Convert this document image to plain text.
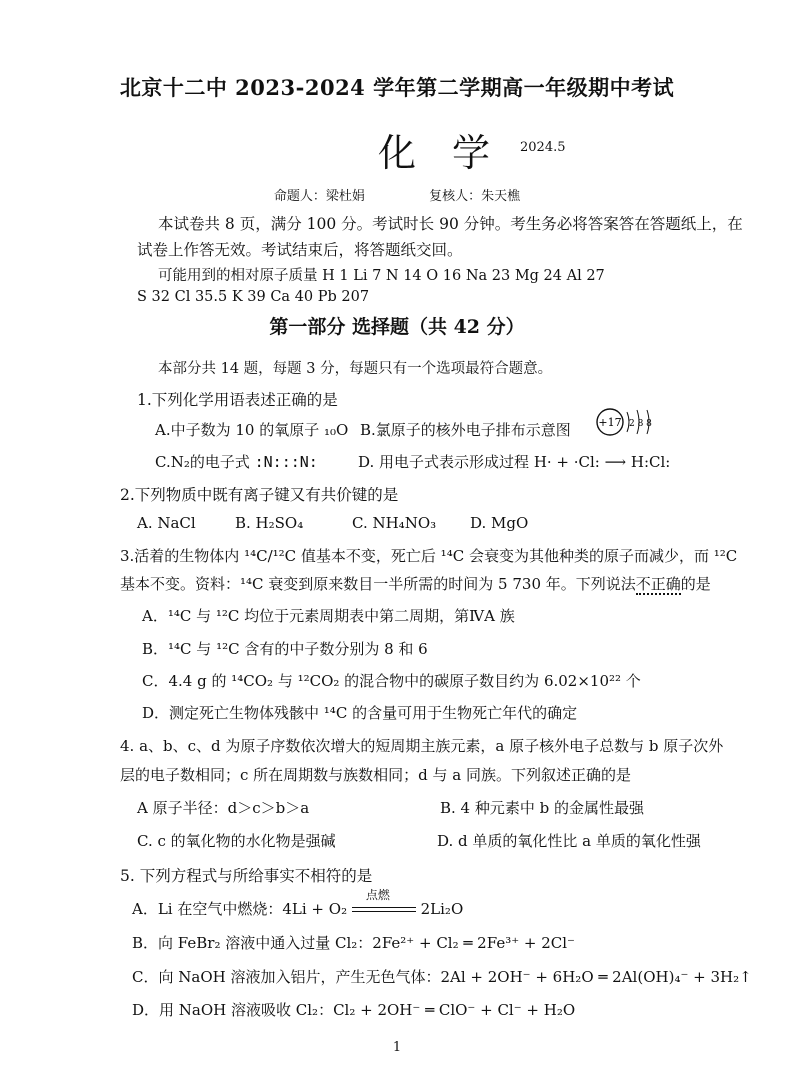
北京十二中 2023-2024 学年第二学期高一年级期中考试
化学
2024.5
命题人：梁杜娟	复核人：朱天樵
本试卷共 8 页，满分 100 分。考试时长 90 分钟。考生务必将答案答在答题纸上，在
试卷上作答无效。考试结束后，将答题纸交回。
可能用到的相对原子质量 H 1 Li 7 N 14 O 16 Na 23 Mg 24 Al 27
S 32 Cl 35.5 K 39 Ca 40 Pb 207
第一部分 选择题（共 42 分）
本部分共 14 题，每题 3 分，每题只有一个选项最符合题意。
1.下列化学用语表述正确的是
A.中子数为 10 的氧原子 ₁₀O B.氯原子的核外电子排布示意图	+17 2 8 8
C.N₂的电子式 :N:::N:	D. 用电子式表示形成过程 H· + ·Cl: ⟶ H:Cl:
2.下列物质中既有离子键又有共价键的是
A. NaCl	B. H₂SO₄	C. NH₄NO₃ D. MgO
3.活着的生物体内 ¹⁴C/¹²C 值基本不变，死亡后 ¹⁴C 会衰变为其他种类的原子而减少，而 ¹²C
基本不变。资料：¹⁴C 衰变到原来数目一半所需的时间为 5 730 年。下列说法不正确的是
A．¹⁴C 与 ¹²C 均位于元素周期表中第二周期，第ⅣA 族
B．¹⁴C 与 ¹²C 含有的中子数分别为 8 和 6
C．4.4 g 的 ¹⁴CO₂ 与 ¹²CO₂ 的混合物中的碳原子数目约为 6.02×10²² 个
D．测定死亡生物体残骸中 ¹⁴C 的含量可用于生物死亡年代的确定
4. a、b、c、d 为原子序数依次增大的短周期主族元素，a 原子核外电子总数与 b 原子次外
层的电子数相同；c 所在周期数与族数相同；d 与 a 同族。下列叙述正确的是
A 原子半径：d＞c＞b＞a	B. 4 种元素中 b 的金属性最强
C. c 的氧化物的水化物是强碱	D. d 单质的氧化性比 a 单质的氧化性强
5. 下列方程式与所给事实不相符的是
A．Li 在空气中燃烧：4Li + O₂
点燃
2Li₂O
B．向 FeBr₂ 溶液中通入过量 Cl₂：2Fe²⁺ + Cl₂ ═ 2Fe³⁺ + 2Cl⁻
C．向 NaOH 溶液加入铝片，产生无色气体：2Al + 2OH⁻ + 6H₂O ═ 2Al(OH)₄⁻ + 3H₂↑
D．用 NaOH 溶液吸收 Cl₂：Cl₂ + 2OH⁻ ═ ClO⁻ + Cl⁻ + H₂O
1
